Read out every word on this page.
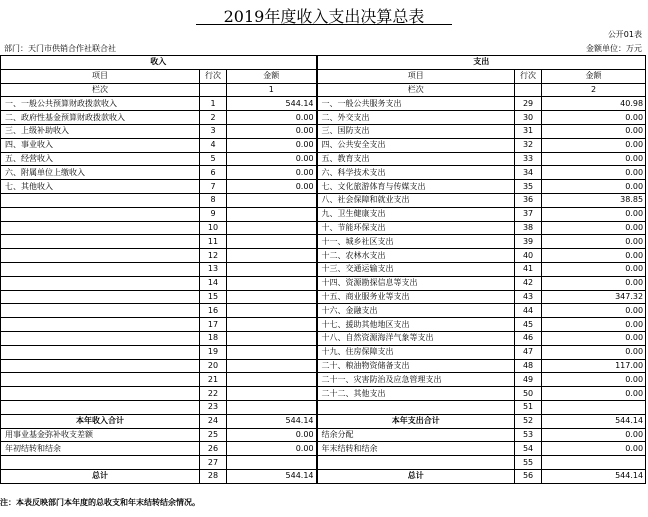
2019年度收入支出决算总表
公开01表
部门：天门市供销合作社联合社	金额单位：万元
收入			支出		
项目	行次	金额	项目	行次	金额
栏次		1	栏次		2
一、一般公共预算财政拨款收入	1	544.14	一、一般公共服务支出	29	40.98
二、政府性基金预算财政拨款收入	2	0.00	二、外交支出	30	0.00
三、上级补助收入	3	0.00	三、国防支出	31	0.00
四、事业收入	4	0.00	四、公共安全支出	32	0.00
五、经营收入	5	0.00	五、教育支出	33	0.00
六、附属单位上缴收入	6	0.00	六、科学技术支出	34	0.00
七、其他收入	7	0.00	七、文化旅游体育与传媒支出	35	0.00
	8		八、社会保障和就业支出	36	38.85
	9		九、卫生健康支出	37	0.00
	10		十、节能环保支出	38	0.00
	11		十一、城乡社区支出	39	0.00
	12		十二、农林水支出	40	0.00
	13		十三、交通运输支出	41	0.00
	14		十四、资源勘探信息等支出	42	0.00
	15		十五、商业服务业等支出	43	347.32
	16		十六、金融支出	44	0.00
	17		十七、援助其他地区支出	45	0.00
	18		十八、自然资源海洋气象等支出	46	0.00
	19		十九、住房保障支出	47	0.00
	20		二十、粮油物资储备支出	48	117.00
	21		二十一、灾害防治及应急管理支出	49	0.00
	22		二十二、其他支出	50	0.00
	23			51	
本年收入合计	24	544.14	本年支出合计	52	544.14
用事业基金弥补收支差额	25	0.00	结余分配	53	0.00
年初结转和结余	26	0.00	年末结转和结余	54	0.00
	27			55	
总计	28	544.14	总计	56	544.14
注：本表反映部门本年度的总收支和年末结转结余情况。
